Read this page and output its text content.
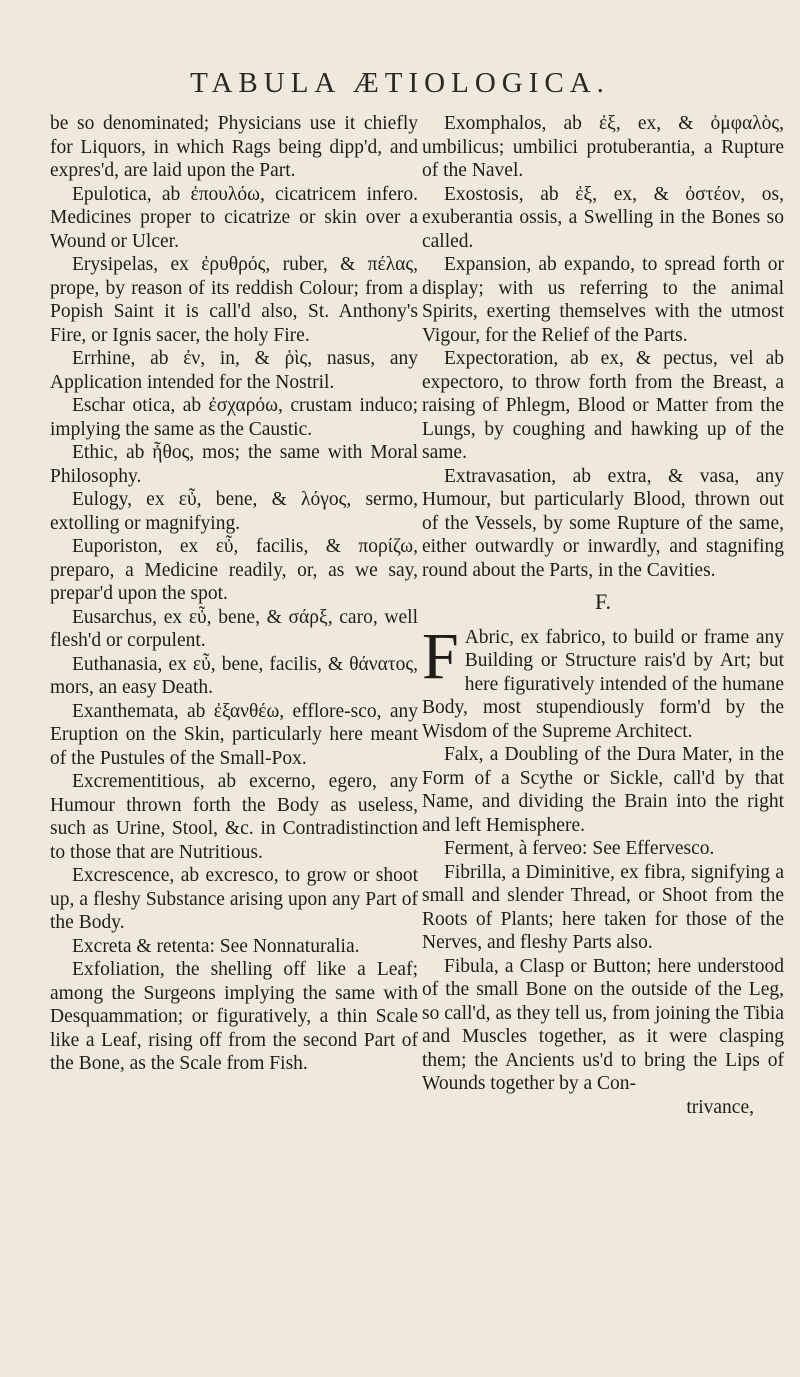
TABULA ÆTIOLOGICA.

be so denominated; Physicians use it chiefly for Liquors, in which Rags being dipp'd, and expres'd, are laid upon the Part.

Epulotica, ab ἐπουλόω, cicatricem infero. Medicines proper to cicatrize or skin over a Wound or Ulcer.

Erysipelas, ex ἐρυθρός, ruber, & πέλας, prope, by reason of its reddish Colour; from a Popish Saint it is call'd also, St. Anthony's Fire, or Ignis sacer, the holy Fire.

Errhine, ab ἐν, in, & ῥὶς, nasus, any Application intended for the Nostril.

Eschar otica, ab ἐσχαρόω, crustam induco; implying the same as the Caustic.

Ethic, ab ἦθος, mos; the same with Moral Philosophy.

Eulogy, ex εὖ, bene, & λόγος, sermo, extolling or magnifying.

Euporiston, ex εὖ, facilis, & πορίζω, preparo, a Medicine readily, or, as we say, prepar'd upon the spot.

Eusarchus, ex εὖ, bene, & σάρξ, caro, well flesh'd or corpulent.

Euthanasia, ex εὖ, bene, facilis, & θάνατος, mors, an easy Death.

Exanthemata, ab ἐξανθέω, efflore-sco, any Eruption on the Skin, particularly here meant of the Pustules of the Small-Pox.

Excrementitious, ab excerno, egero, any Humour thrown forth the Body as useless, such as Urine, Stool, &c. in Contradistinction to those that are Nutritious.

Excrescence, ab excresco, to grow or shoot up, a fleshy Substance arising upon any Part of the Body.

Excreta & retenta: See Nonnaturalia.

Exfoliation, the shelling off like a Leaf; among the Surgeons implying the same with Desquammation; or figuratively, a thin Scale like a Leaf, rising off from the second Part of the Bone, as the Scale from Fish.

Exomphalos, ab ἐξ, ex, & ὀμφαλὸς, umbilicus; umbilici protuberantia, a Rupture of the Navel.

Exostosis, ab ἐξ, ex, & ὀστέον, os, exuberantia ossis, a Swelling in the Bones so called.

Expansion, ab expando, to spread forth or display; with us referring to the animal Spirits, exerting themselves with the utmost Vigour, for the Relief of the Parts.

Expectoration, ab ex, & pectus, vel ab expectoro, to throw forth from the Breast, a raising of Phlegm, Blood or Matter from the Lungs, by coughing and hawking up of the same.

Extravasation, ab extra, & vasa, any Humour, but particularly Blood, thrown out of the Vessels, by some Rupture of the same, either outwardly or inwardly, and stagnifing round about the Parts, in the Cavities.

F.

F Abric, ex fabrico, to build or frame any Building or Structure rais'd by Art; but here figuratively intended of the humane Body, most stupendiously form'd by the Wisdom of the Supreme Architect.

Falx, a Doubling of the Dura Mater, in the Form of a Scythe or Sickle, call'd by that Name, and dividing the Brain into the right and left Hemisphere.

Ferment, à ferveo: See Effervesco.

Fibrilla, a Diminitive, ex fibra, signifying a small and slender Thread, or Shoot from the Roots of Plants; here taken for those of the Nerves, and fleshy Parts also.

Fibula, a Clasp or Button; here understood of the small Bone on the outside of the Leg, so call'd, as they tell us, from joining the Tibia and Muscles together, as it were clasping them; the Ancients us'd to bring the Lips of Wounds together by a Con-

trivance,
